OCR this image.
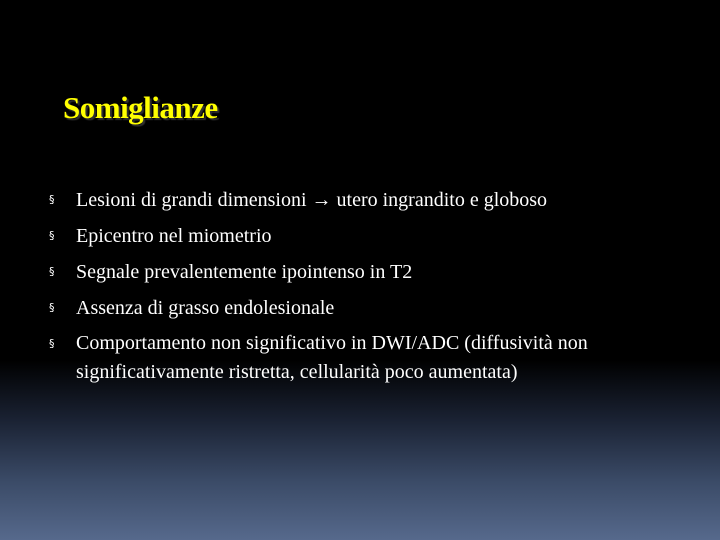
Somiglianze
§ Lesioni di grandi dimensioni → utero ingrandito e globoso
§ Epicentro nel miometrio
§ Segnale prevalentemente ipointenso in T2
§ Assenza di grasso endolesionale
§ Comportamento non significativo in DWI/ADC (diffusività non significativamente ristretta, cellularità poco aumentata)
